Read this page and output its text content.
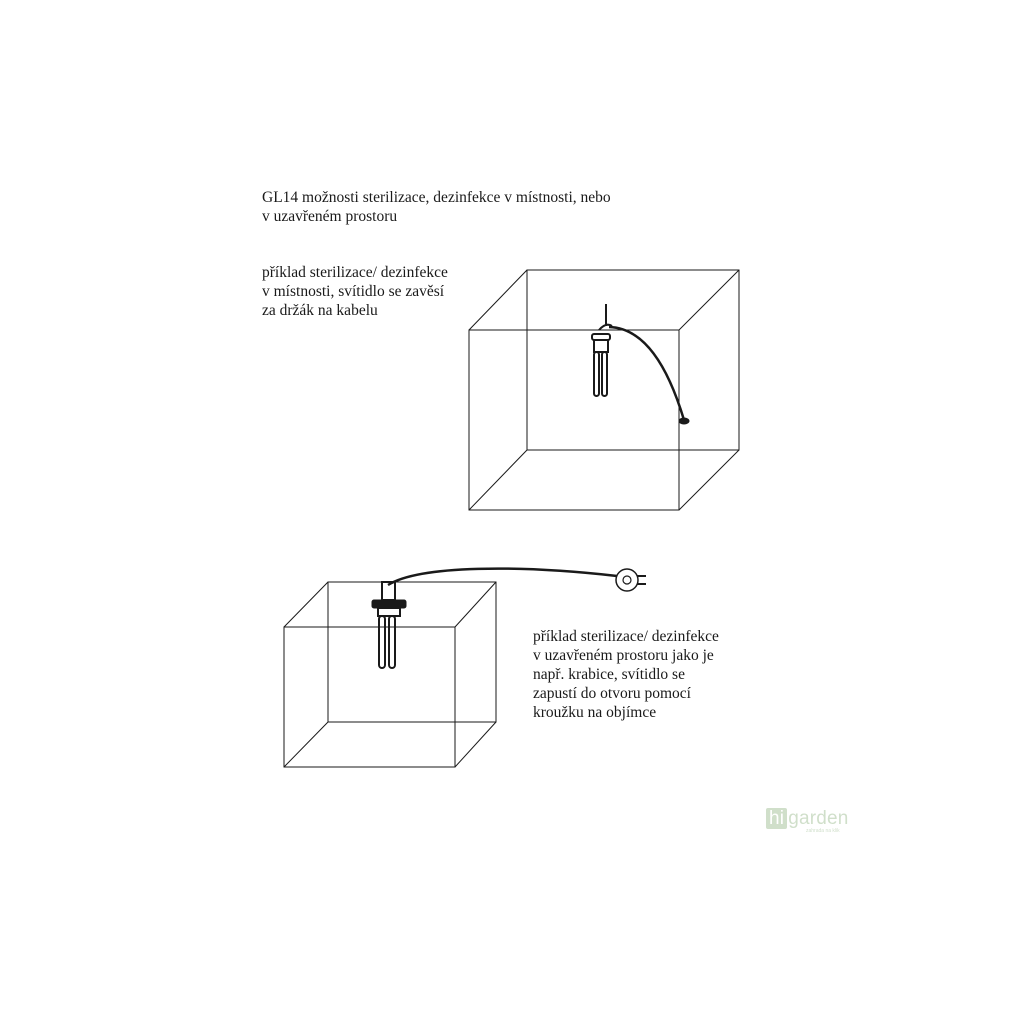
GL14 možnosti sterilizace, dezinfekce v místnosti, nebo
v uzavřeném prostoru
příklad sterilizace/ dezinfekce
v místnosti, svítidlo se zavěsí
za držák na kabelu
příklad sterilizace/ dezinfekce
v uzavřeném prostoru jako je
např. krabice, svítidlo se
zapustí do otvoru pomocí
kroužku na objímce
hi garden
zahrada na klik
